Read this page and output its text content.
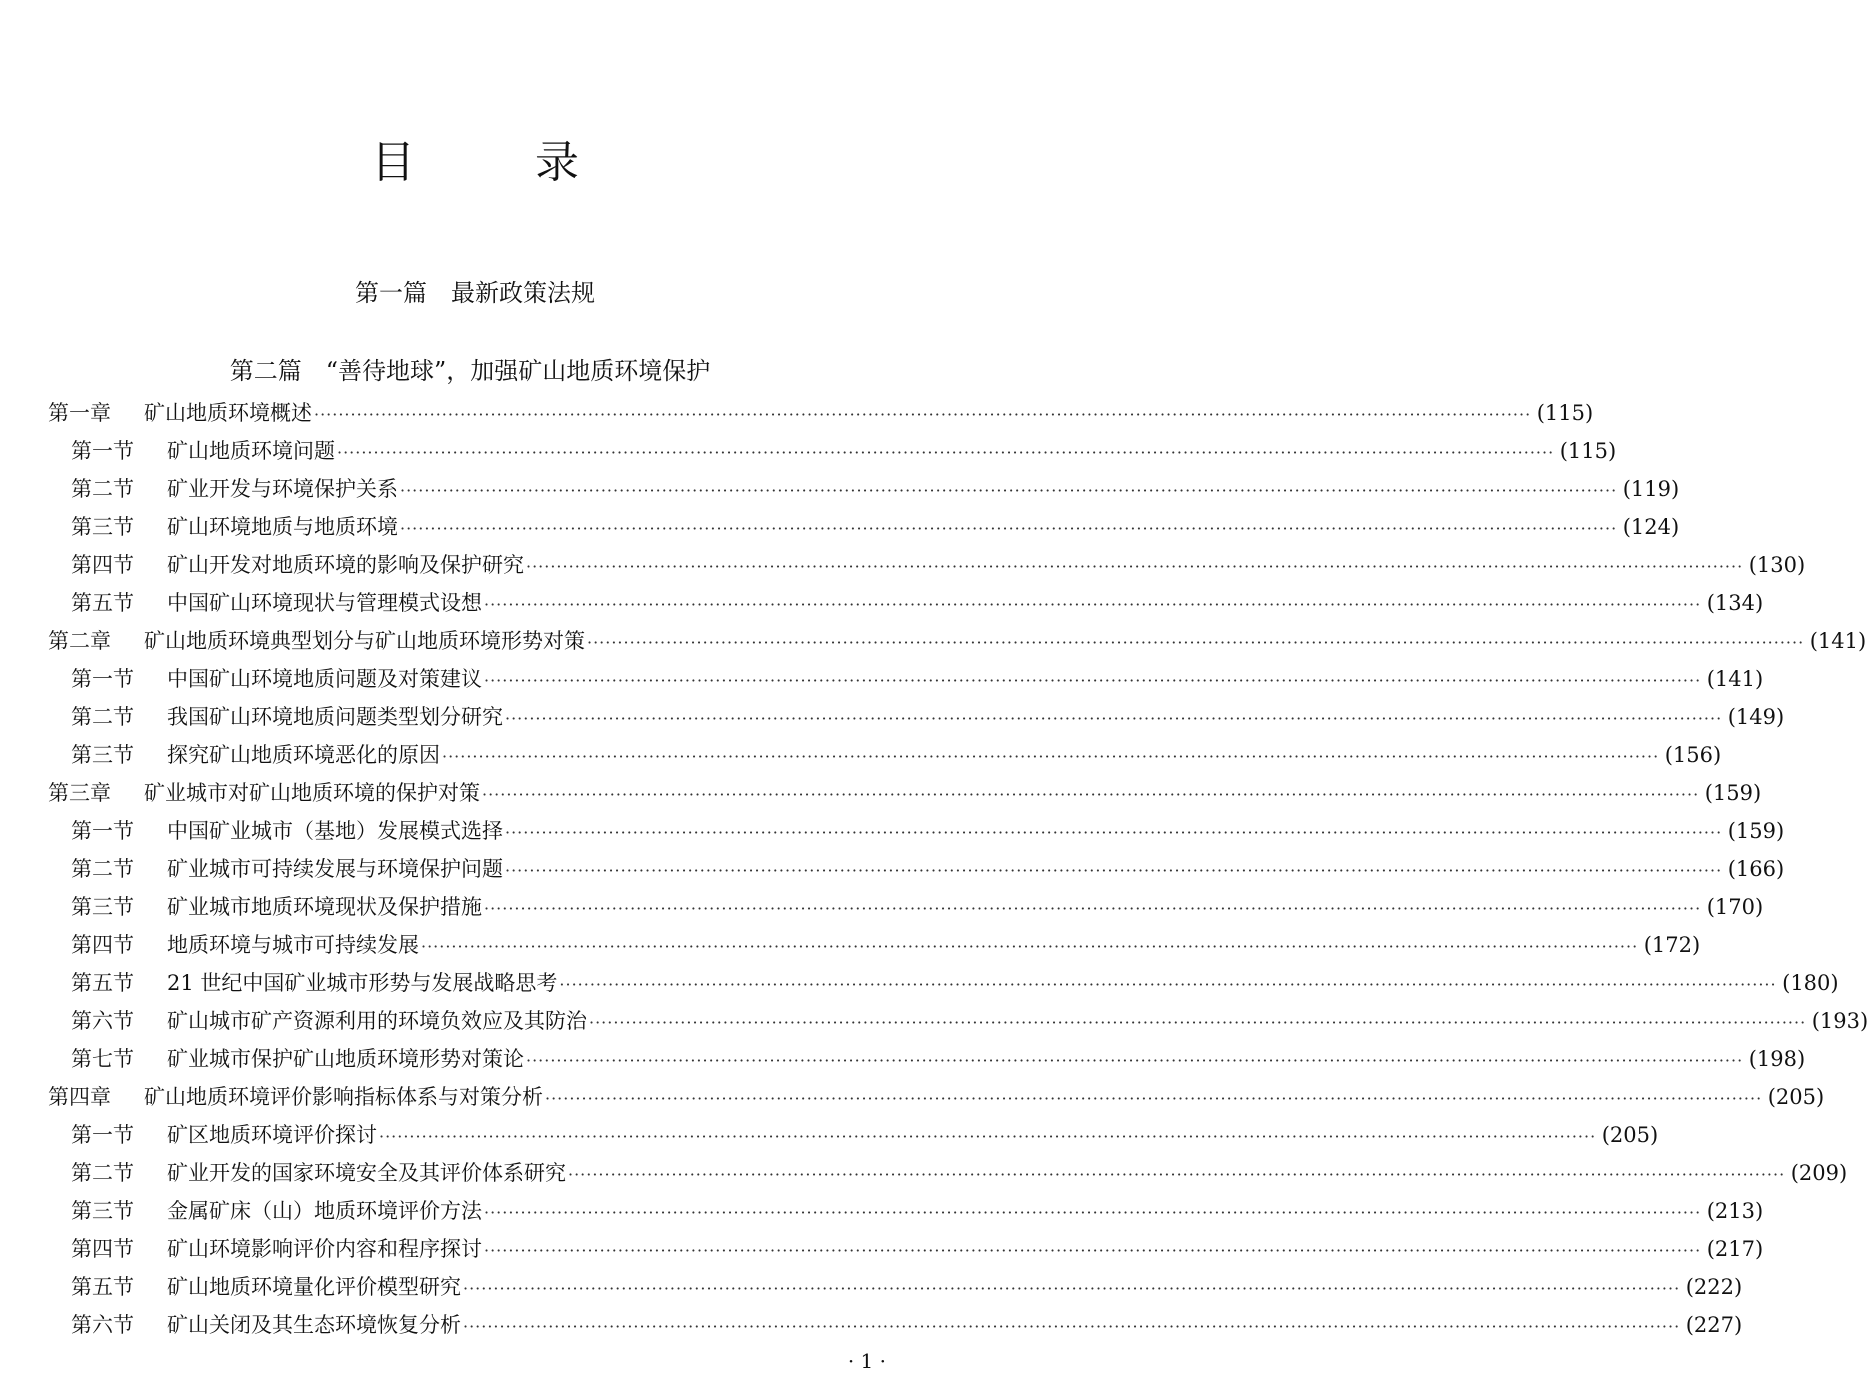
目	录
第一篇 最新政策法规
第二篇 “善待地球”，加强矿山地质环境保护
第一章	矿山地质环境概述 ········································································································································································································ (115)
第一节	矿山地质环境问题 ········································································································································································································ (115)
第二节	矿业开发与环境保护关系 ········································································································································································································ (119)
第三节	矿山环境地质与地质环境 ········································································································································································································ (124)
第四节	矿山开发对地质环境的影响及保护研究 ········································································································································································································ (130)
第五节	中国矿山环境现状与管理模式设想 ········································································································································································································ (134)
第二章	矿山地质环境典型划分与矿山地质环境形势对策 ········································································································································································································ (141)
第一节	中国矿山环境地质问题及对策建议 ········································································································································································································ (141)
第二节	我国矿山环境地质问题类型划分研究 ········································································································································································································ (149)
第三节	探究矿山地质环境恶化的原因 ········································································································································································································ (156)
第三章	矿业城市对矿山地质环境的保护对策 ········································································································································································································ (159)
第一节	中国矿业城市（基地）发展模式选择 ········································································································································································································ (159)
第二节	矿业城市可持续发展与环境保护问题 ········································································································································································································ (166)
第三节	矿业城市地质环境现状及保护措施 ········································································································································································································ (170)
第四节	地质环境与城市可持续发展 ········································································································································································································ (172)
第五节	21 世纪中国矿业城市形势与发展战略思考 ········································································································································································································ (180)
第六节	矿山城市矿产资源利用的环境负效应及其防治 ········································································································································································································ (193)
第七节	矿业城市保护矿山地质环境形势对策论 ········································································································································································································ (198)
第四章	矿山地质环境评价影响指标体系与对策分析 ········································································································································································································ (205)
第一节	矿区地质环境评价探讨 ········································································································································································································ (205)
第二节	矿业开发的国家环境安全及其评价体系研究 ········································································································································································································ (209)
第三节	金属矿床（山）地质环境评价方法 ········································································································································································································ (213)
第四节	矿山环境影响评价内容和程序探讨 ········································································································································································································ (217)
第五节	矿山地质环境量化评价模型研究 ········································································································································································································ (222)
第六节	矿山关闭及其生态环境恢复分析 ········································································································································································································ (227)
· 1 ·
